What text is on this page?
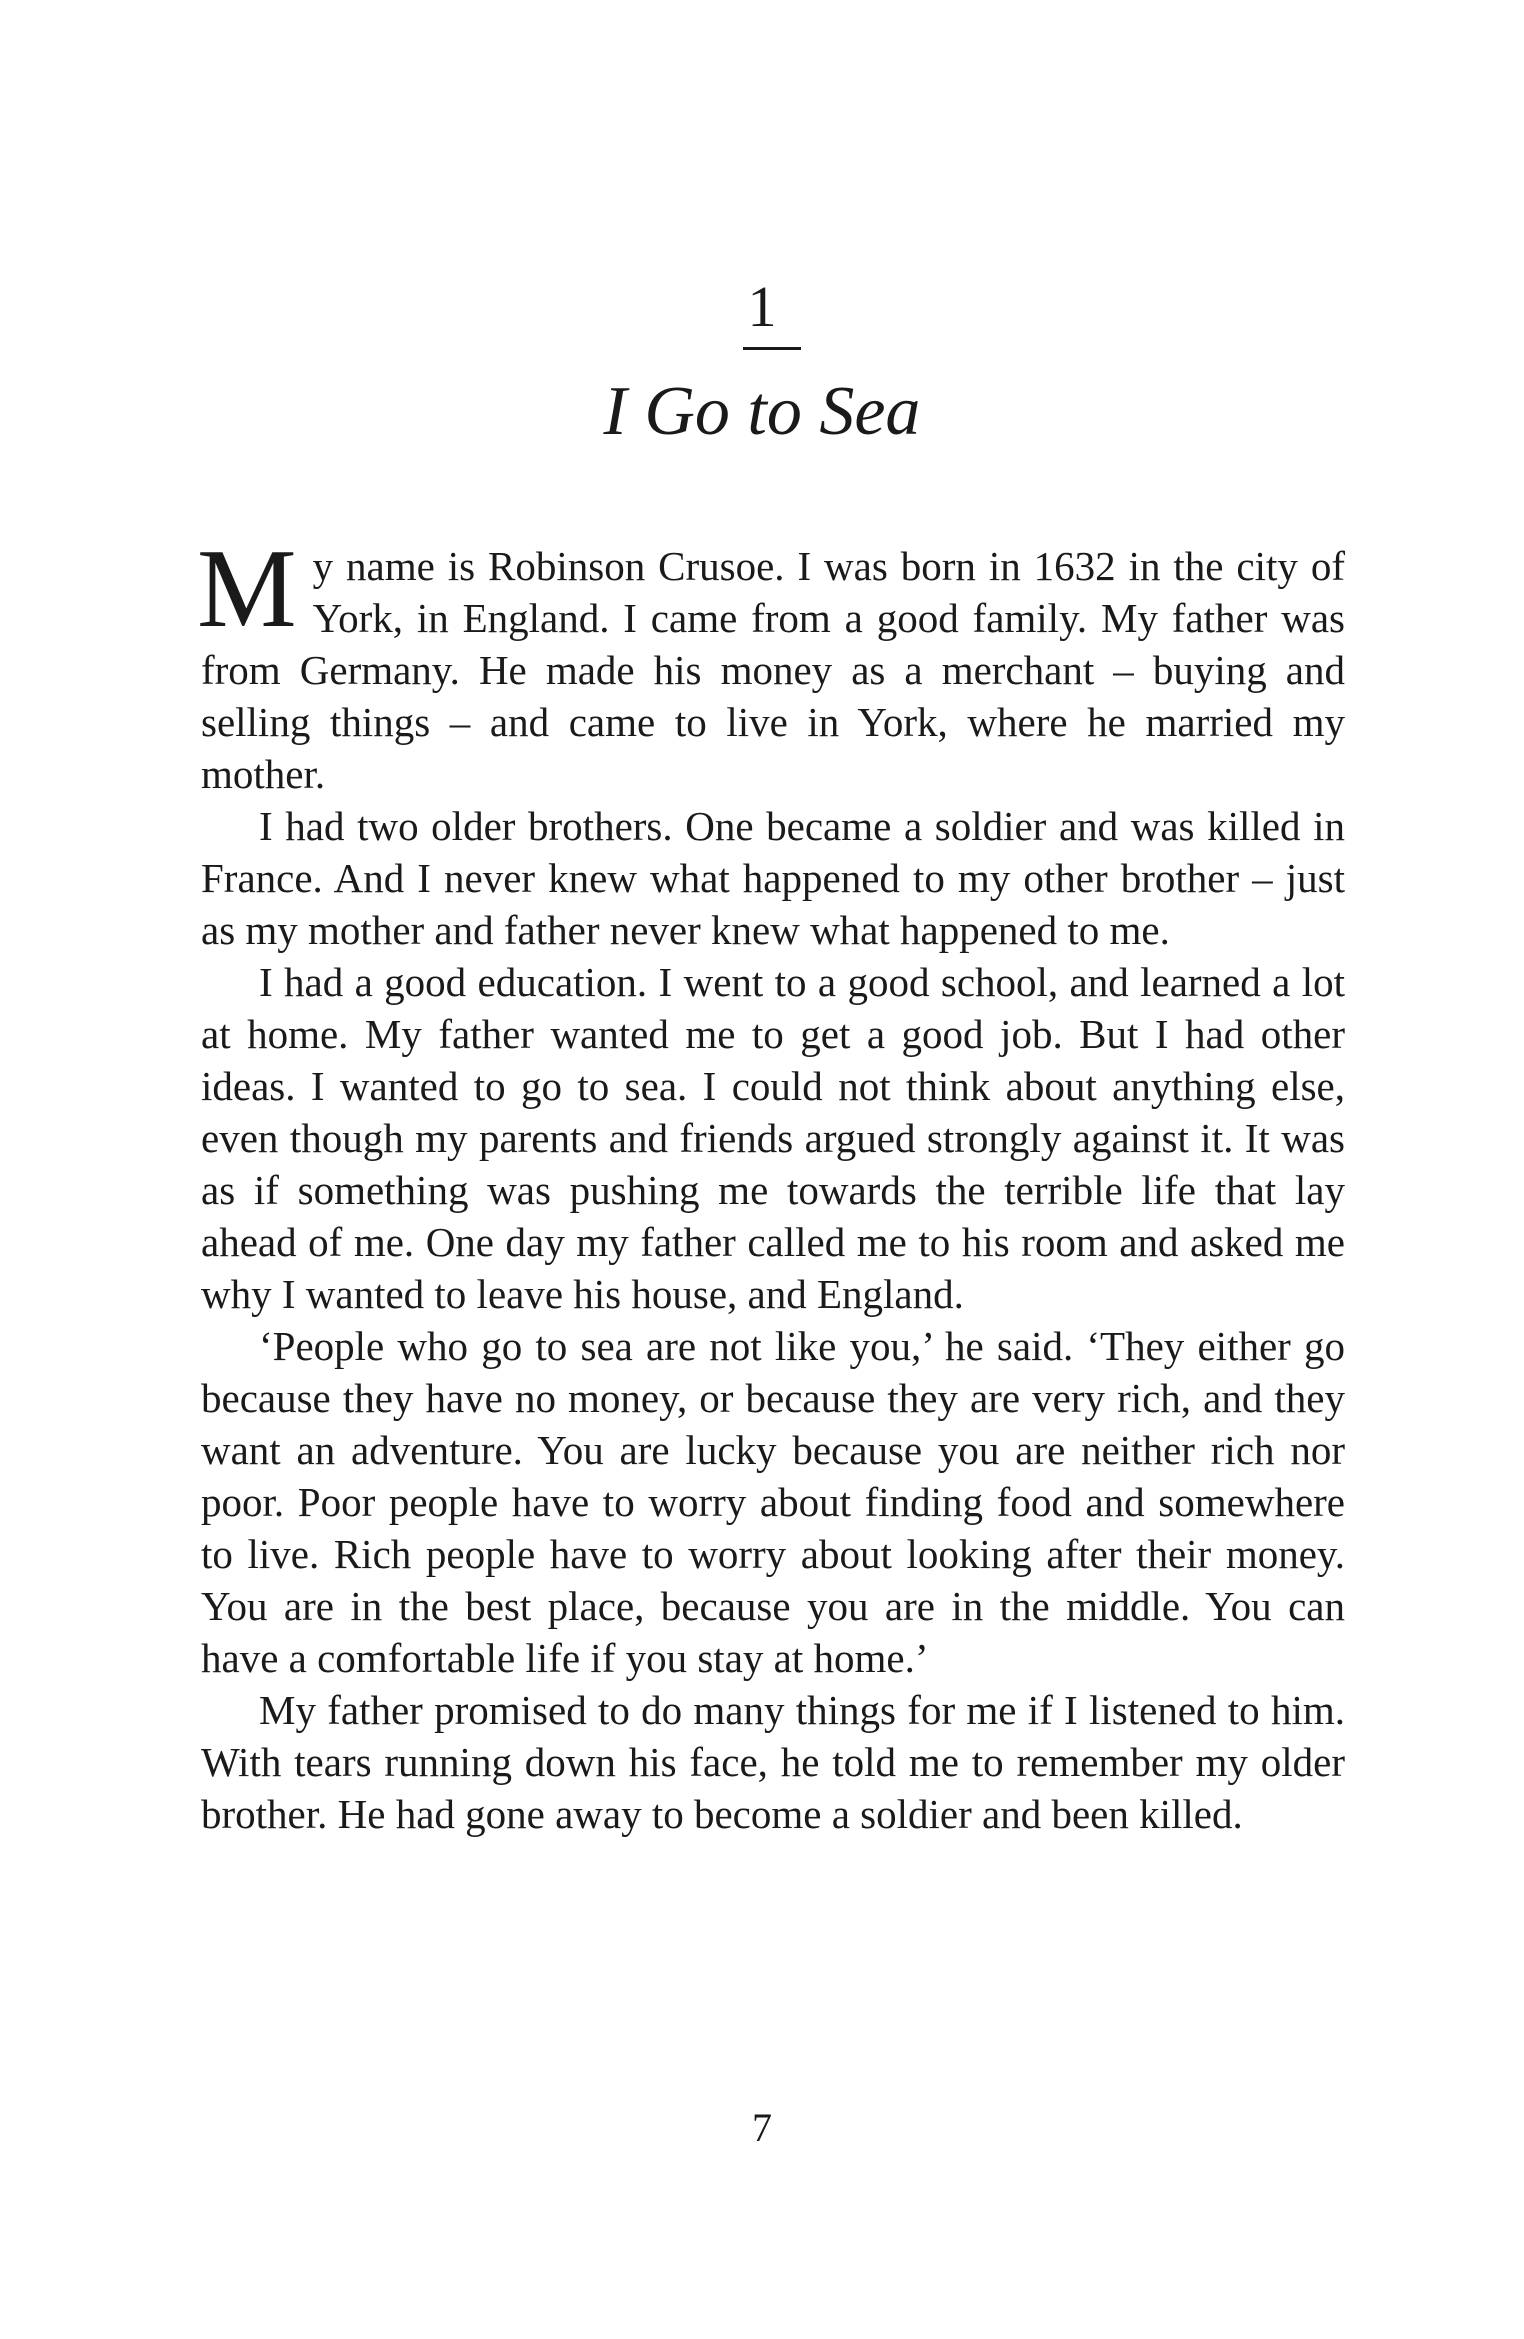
1
I Go to Sea

My name is Robinson Crusoe. I was born in 1632 in the city of York, in England. I came from a good family. My father was from Germany. He made his money as a merchant – buying and selling things – and came to live in York, where he married my mother.

I had two older brothers. One became a soldier and was killed in France. And I never knew what happened to my other brother – just as my mother and father never knew what happened to me.

I had a good education. I went to a good school, and learned a lot at home. My father wanted me to get a good job. But I had other ideas. I wanted to go to sea. I could not think about anything else, even though my parents and friends argued strongly against it. It was as if something was pushing me towards the terrible life that lay ahead of me. One day my father called me to his room and asked me why I wanted to leave his house, and England.

‘People who go to sea are not like you,’ he said. ‘They either go because they have no money, or because they are very rich, and they want an adventure. You are lucky because you are neither rich nor poor. Poor people have to worry about finding food and somewhere to live. Rich people have to worry about looking after their money. You are in the best place, because you are in the middle. You can have a comfortable life if you stay at home.’

My father promised to do many things for me if I listened to him. With tears running down his face, he told me to remember my older brother. He had gone away to become a soldier and been killed.

7
